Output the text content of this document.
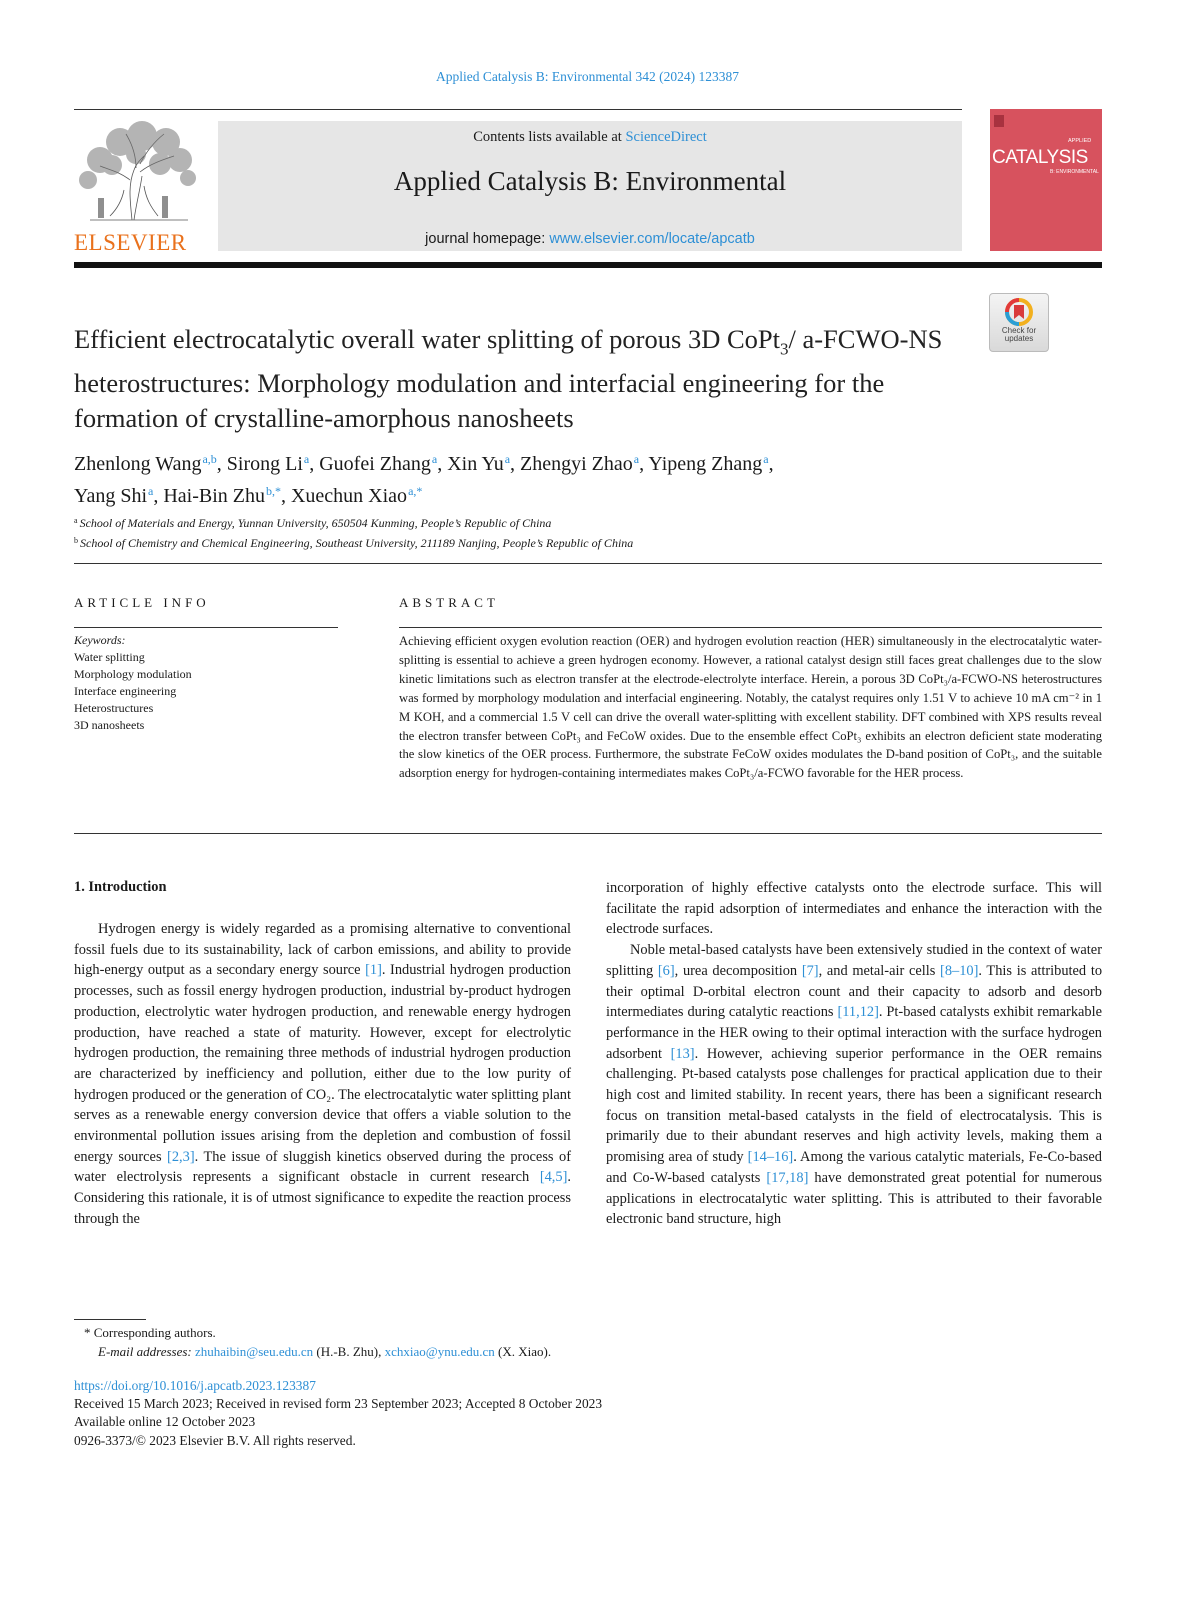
Applied Catalysis B: Environmental 342 (2024) 123387
ELSEVIER
Contents lists available at ScienceDirect
Applied Catalysis B: Environmental
journal homepage: www.elsevier.com/locate/apcatb
APPLIED
CATALYSIS
B: ENVIRONMENTAL
Check for updates
Efficient electrocatalytic overall water splitting of porous 3D CoPt$_3$/ a-FCWO-NS heterostructures: Morphology modulation and interfacial engineering for the formation of crystalline-amorphous nanosheets
Zhenlong Wang$^{a,b}$, Sirong Li$^a$, Guofei Zhang$^a$, Xin Yu$^a$, Zhengyi Zhao$^a$, Yipeng Zhang$^a$,
Yang Shi$^a$, Hai-Bin Zhu$^{b,*}$, Xuechun Xiao$^{a,*}$
$^a$ School of Materials and Energy, Yunnan University, 650504 Kunming, People’s Republic of China
$^b$ School of Chemistry and Chemical Engineering, Southeast University, 211189 Nanjing, People’s Republic of China
ARTICLE INFO
Keywords:
Water splitting
Morphology modulation
Interface engineering
Heterostructures
3D nanosheets
ABSTRACT
Achieving efficient oxygen evolution reaction (OER) and hydrogen evolution reaction (HER) simultaneously in the electrocatalytic water-splitting is essential to achieve a green hydrogen economy. However, a rational catalyst design still faces great challenges due to the slow kinetic limitations such as electron transfer at the electrode-electrolyte interface. Herein, a porous 3D CoPt₃/a-FCWO-NS heterostructures was formed by morphology modulation and interfacial engineering. Notably, the catalyst requires only 1.51 V to achieve 10 mA cm⁻² in 1 M KOH, and a commercial 1.5 V cell can drive the overall water-splitting with excellent stability. DFT combined with XPS results reveal the electron transfer between CoPt₃ and FeCoW oxides. Due to the ensemble effect CoPt₃ exhibits an electron deficient state moderating the slow kinetics of the OER process. Furthermore, the substrate FeCoW oxides modulates the D-band position of CoPt₃, and the suitable adsorption energy for hydrogen-containing intermediates makes CoPt₃/a-FCWO favorable for the HER process.
1. Introduction

Hydrogen energy is widely regarded as a promising alternative to conventional fossil fuels due to its sustainability, lack of carbon emissions, and ability to provide high-energy output as a secondary energy source [1]. Industrial hydrogen production processes, such as fossil energy hydrogen production, industrial by-product hydrogen production, electrolytic water hydrogen production, and renewable energy hydrogen production, have reached a state of maturity. However, except for electrolytic hydrogen production, the remaining three methods of industrial hydrogen production are characterized by inefficiency and pollution, either due to the low purity of hydrogen produced or the generation of CO₂. The electrocatalytic water splitting plant serves as a renewable energy conversion device that offers a viable solution to the environmental pollution issues arising from the depletion and combustion of fossil energy sources [2,3]. The issue of sluggish kinetics observed during the process of water electrolysis represents a significant obstacle in current research [4,5]. Considering this rationale, it is of utmost significance to expedite the reaction process through the

incorporation of highly effective catalysts onto the electrode surface. This will facilitate the rapid adsorption of intermediates and enhance the interaction with the electrode surfaces.

Noble metal-based catalysts have been extensively studied in the context of water splitting [6], urea decomposition [7], and metal-air cells [8–10]. This is attributed to their optimal D-orbital electron count and their capacity to adsorb and desorb intermediates during catalytic reactions [11,12]. Pt-based catalysts exhibit remarkable performance in the HER owing to their optimal interaction with the surface hydrogen adsorbent [13]. However, achieving superior performance in the OER remains challenging. Pt-based catalysts pose challenges for practical application due to their high cost and limited stability. In recent years, there has been a significant research focus on transition metal-based catalysts in the field of electrocatalysis. This is primarily due to their abundant reserves and high activity levels, making them a promising area of study [14–16]. Among the various catalytic materials, Fe-Co-based and Co-W-based catalysts [17,18] have demonstrated great potential for numerous applications in electrocatalytic water splitting. This is attributed to their favorable electronic band structure, high

* Corresponding authors.
E-mail addresses: zhuhaibin@seu.edu.cn (H.-B. Zhu), xchxiao@ynu.edu.cn (X. Xiao).
https://doi.org/10.1016/j.apcatb.2023.123387
Received 15 March 2023; Received in revised form 23 September 2023; Accepted 8 October 2023
Available online 12 October 2023
0926-3373/© 2023 Elsevier B.V. All rights reserved.
